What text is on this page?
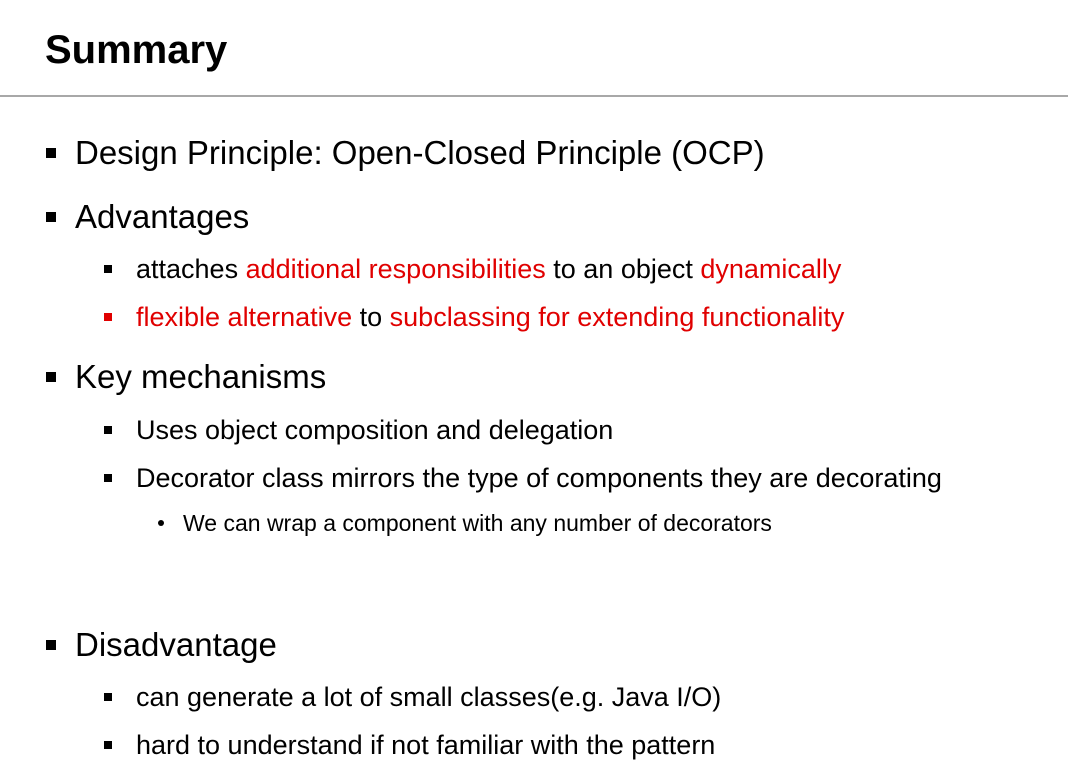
Summary
Design Principle: Open-Closed Principle (OCP)
Advantages
attaches additional responsibilities to an object dynamically
flexible alternative to subclassing for extending functionality
Key mechanisms
Uses object composition and delegation
Decorator class mirrors the type of components they are decorating
We can wrap a component with any number of decorators
Disadvantage
can generate a lot of small classes(e.g. Java I/O)
hard to understand if not familiar with the pattern
